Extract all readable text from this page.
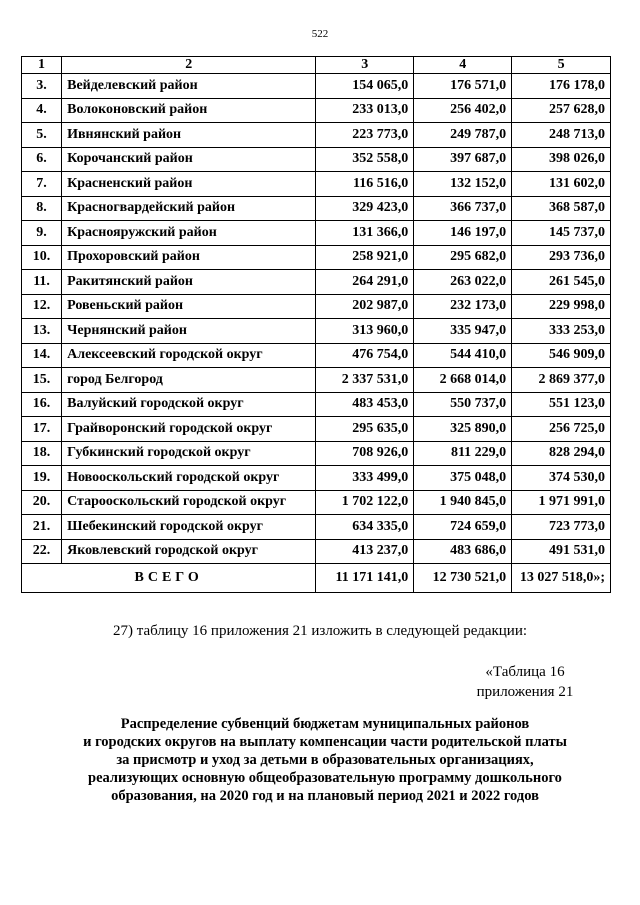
522
1	2	3	4	5
3.	Вейделевский район	154 065,0	176 571,0	176 178,0
4.	Волоконовский район	233 013,0	256 402,0	257 628,0
5.	Ивнянский район	223 773,0	249 787,0	248 713,0
6.	Корочанский район	352 558,0	397 687,0	398 026,0
7.	Красненский район	116 516,0	132 152,0	131 602,0
8.	Красногвардейский район	329 423,0	366 737,0	368 587,0
9.	Краснояружский район	131 366,0	146 197,0	145 737,0
10.	Прохоровский район	258 921,0	295 682,0	293 736,0
11.	Ракитянский район	264 291,0	263 022,0	261 545,0
12.	Ровеньский район	202 987,0	232 173,0	229 998,0
13.	Чернянский район	313 960,0	335 947,0	333 253,0
14.	Алексеевский городской округ	476 754,0	544 410,0	546 909,0
15.	город Белгород	2 337 531,0	2 668 014,0	2 869 377,0
16.	Валуйский городской округ	483 453,0	550 737,0	551 123,0
17.	Грайворонский городской округ	295 635,0	325 890,0	256 725,0
18.	Губкинский городской округ	708 926,0	811 229,0	828 294,0
19.	Новооскольский городской округ	333 499,0	375 048,0	374 530,0
20.	Старооскольский городской округ	1 702 122,0	1 940 845,0	1 971 991,0
21.	Шебекинский городской округ	634 335,0	724 659,0	723 773,0
22.	Яковлевский городской округ	413 237,0	483 686,0	491 531,0
ВСЕГО		11 171 141,0	12 730 521,0	13 027 518,0»;
27) таблицу 16 приложения 21 изложить в следующей редакции:
«Таблица 16
приложения 21
Распределение субвенций бюджетам муниципальных районов
и городских округов на выплату компенсации части родительской платы
за присмотр и уход за детьми в образовательных организациях,
реализующих основную общеобразовательную программу дошкольного
образования, на 2020 год и на плановый период 2021 и 2022 годов
